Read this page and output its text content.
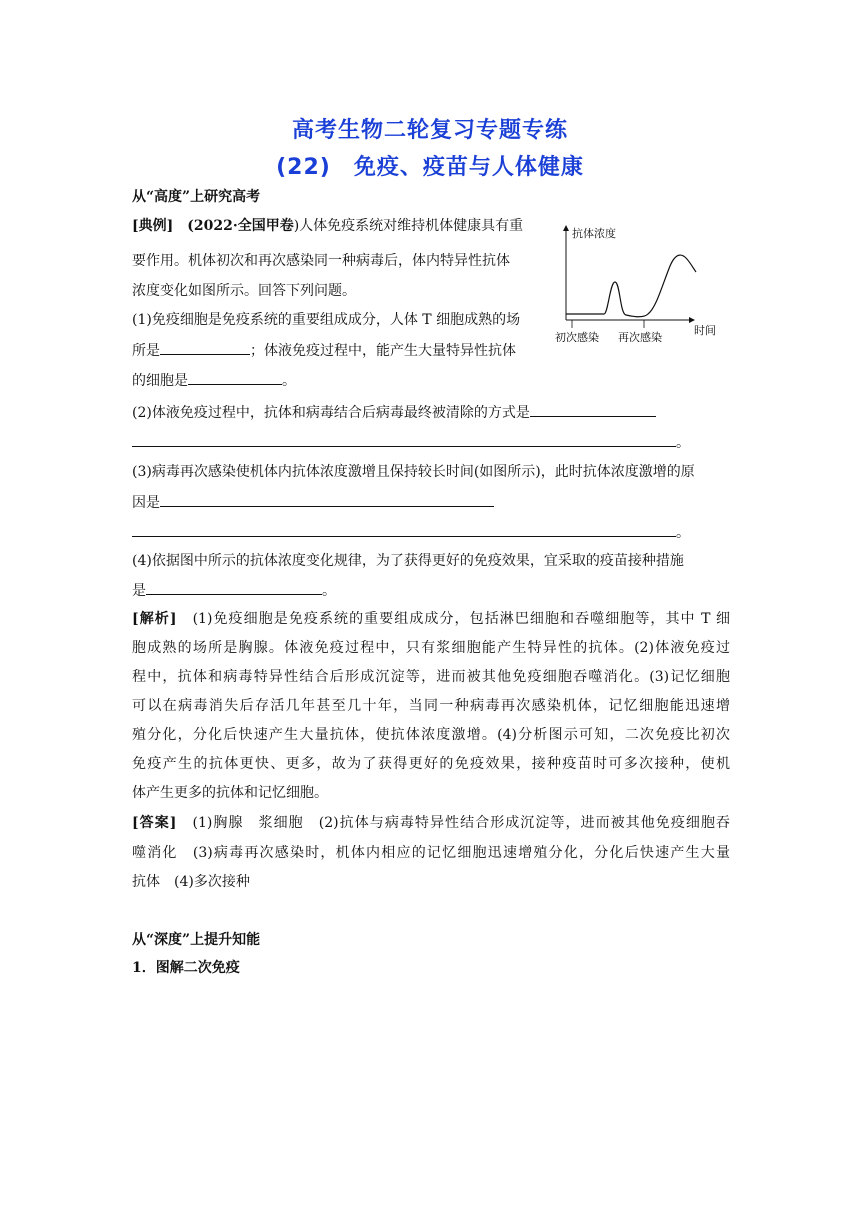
高考生物二轮复习专题专练
(22)　免疫、疫苗与人体健康
从“高度”上研究高考
[典例]　(2022·全国甲卷)人体免疫系统对维持机体健康具有重
要作用。机体初次和再次感染同一种病毒后，体内特异性抗体
浓度变化如图所示。回答下列问题。
(1)免疫细胞是免疫系统的重要组成成分，人体 T 细胞成熟的场
所是	；体液免疫过程中，能产生大量特异性抗体
的细胞是	。
抗体浓度
时间
初次感染 再次感染
(2)体液免疫过程中，抗体和病毒结合后病毒最终被清除的方式是
。
(3)病毒再次感染使机体内抗体浓度激增且保持较长时间(如图所示)，此时抗体浓度激增的原
因是
。
(4)依据图中所示的抗体浓度变化规律，为了获得更好的免疫效果，宜采取的疫苗接种措施
是	。
[解析]　 (1)免疫细胞是免疫系统的重要组成成分，包括淋巴细胞和吞噬细胞等，其中 T 细
胞成熟的场所是胸腺。体液免疫过程中，只有浆细胞能产生特异性的抗体。(2)体液免疫过
程中，抗体和病毒特异性结合后形成沉淀等，进而被其他免疫细胞吞噬消化。(3)记忆细胞
可以在病毒消失后存活几年甚至几十年，当同一种病毒再次感染机体，记忆细胞能迅速增
殖分化，分化后快速产生大量抗体，使抗体浓度激增。(4)分析图示可知，二次免疫比初次
免疫产生的抗体更快、更多，故为了获得更好的免疫效果，接种疫苗时可多次接种，使机
体产生更多的抗体和记忆细胞。
[答案]　(1)胸腺　浆细胞　(2)抗体与病毒特异性结合形成沉淀等，进而被其他免疫细胞吞
噬消化　(3)病毒再次感染时，机体内相应的记忆细胞迅速增殖分化，分化后快速产生大量
抗体　(4)多次接种
从“深度”上提升知能
1．图解二次免疫
